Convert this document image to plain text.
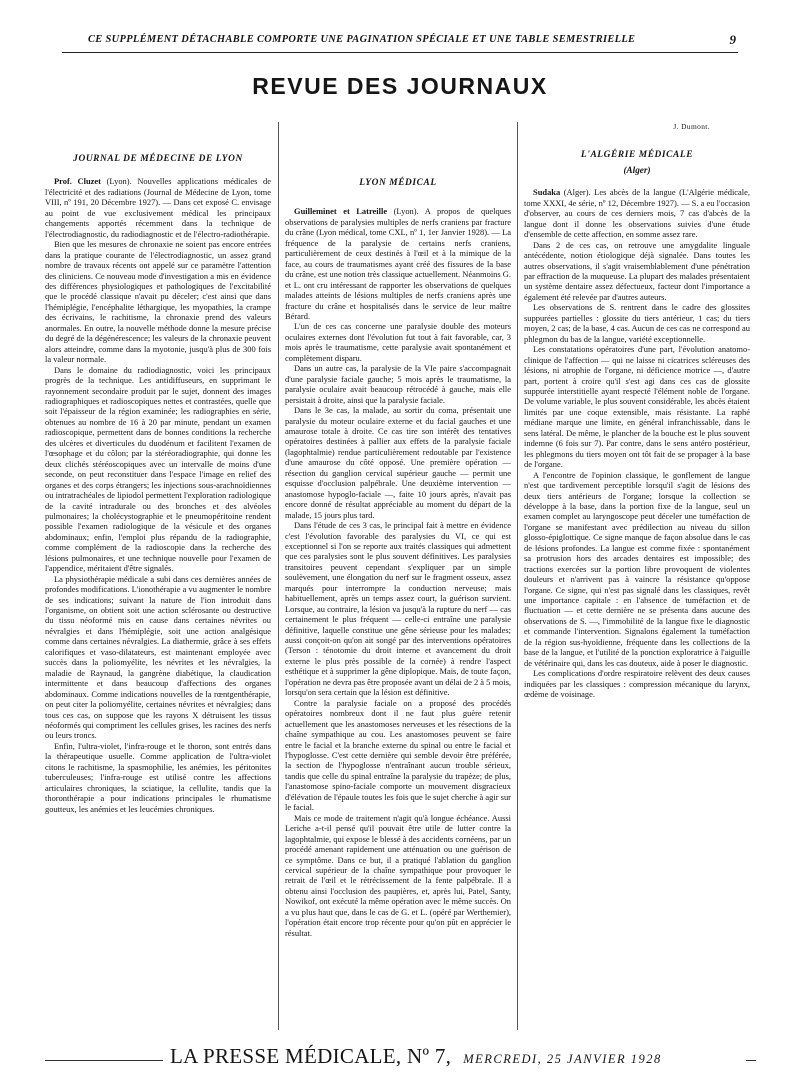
CE SUPPLÉMENT DÉTACHABLE COMPORTE UNE PAGINATION SPÉCIALE ET UNE TABLE SEMESTRIELLE	9
REVUE DES JOURNAUX
JOURNAL DE MÉDECINE DE LYON

Prof. Cluzet (Lyon). Nouvelles applications médicales de l'électricité et des radiations (Journal de Médecine de Lyon, tome VIII, nº 191, 20 Décembre 1927). — Dans cet exposé C. envisage au point de vue exclusivement médical les principaux changements apportés récemment dans la technique de l'électrodiagnostic, du radiodiagnostic et de l'électro-radiothérapie.

Bien que les mesures de chronaxie ne soient pas encore entrées dans la pratique courante de l'électrodiagnostic, un assez grand nombre de travaux récents ont appelé sur ce paramètre l'attention des cliniciens. Ce nouveau mode d'investigation a mis en évidence des différences physiologiques et pathologiques de l'excitabilité que le procédé classique n'avait pu déceler; c'est ainsi que dans l'hémiplégie, l'encéphalite léthargique, les myopathies, la crampe des écrivains, le rachitisme, la chronaxie prend des valeurs anormales. En outre, la nouvelle méthode donne la mesure précise du degré de la dégénérescence; les valeurs de la chronaxie peuvent alors atteindre, comme dans la myotonie, jusqu'à plus de 300 fois la valeur normale.

Dans le domaine du radiodiagnostic, voici les principaux progrès de la technique. Les antidiffuseurs, en supprimant le rayonnement secondaire produit par le sujet, donnent des images radiographiques et radioscopiques nettes et contrastées, quelle que soit l'épaisseur de la région examinée; les radiographies en série, obtenues au nombre de 16 à 20 par minute, pendant un examen radioscopique, permettent dans de bonnes conditions la recherche des ulcères et diverticules du duodénum et facilitent l'examen de l'œsophage et du côlon; par la stéréoradiographie, qui donne les deux clichés stéréoscopiques avec un intervalle de moins d'une seconde, on peut reconstituer dans l'espace l'image en relief des organes et des corps étrangers; les injections sous-arachnoïdiennes ou intratrachéales de lipiodol permettent l'exploration radiologique de la cavité intradurale ou des bronches et des alvéoles pulmonaires; la cholécystographie et le pneumopéritoine rendent possible l'examen radiologique de la vésicule et des organes abdominaux; enfin, l'emploi plus répandu de la radiographie, comme complément de la radioscopie dans la recherche des lésions pulmonaires, et une technique nouvelle pour l'examen de l'appendice, méritaient d'être signalés.

La physiothérapie médicale a subi dans ces dernières années de profondes modifications. L'ionothérapie a vu augmenter le nombre de ses indications; suivant la nature de l'ion introduit dans l'organisme, on obtient soit une action sclérosante ou destructive du tissu néoformé mis en cause dans certaines névrites ou névralgies et dans l'hémiplégie, soit une action analgésique comme dans certaines névralgies. La diathermie, grâce à ses effets calorifiques et vaso-dilatateurs, est maintenant employée avec succès dans la poliomyélite, les névrites et les névralgies, la maladie de Raynaud, la gangrène diabétique, la claudication intermittente et dans beaucoup d'affections des organes abdominaux. Comme indications nouvelles de la rœntgenthérapie, on peut citer la poliomyélite, certaines névrites et névralgies; dans tous ces cas, on suppose que les rayons X détruisent les tissus néoformés qui compriment les cellules grises, les racines des nerfs ou leurs troncs.

Enfin, l'ultra-violet, l'infra-rouge et le thoron, sont entrés dans la thérapeutique usuelle. Comme application de l'ultra-violet citons le rachitisme, la spasmophilie, les anémies, les péritonites tuberculeuses; l'infra-rouge est utilisé contre les affections articulaires chroniques, la sciatique, la cellulite, tandis que la thoronthérapie a pour indications principales le rhumatisme goutteux, les anémies et les leucémies chroniques.

LYON MÉDICAL

Guilleminet et Latreille (Lyon). A propos de quelques observations de paralysies multiples de nerfs craniens par fracture du crâne (Lyon médical, tome CXL, nº 1, 1er Janvier 1928). — La fréquence de la paralysie de certains nerfs craniens, particulièrement de ceux destinés à l'œil et à la mimique de la face, au cours de traumatismes ayant créé des fissures de la base du crâne, est une notion très classique actuellement. Néanmoins G. et L. ont cru intéressant de rapporter les observations de quelques malades atteints de lésions multiples de nerfs craniens après une fracture du crâne et hospitalisés dans le service de leur maître Bérard.

L'un de ces cas concerne une paralysie double des moteurs oculaires externes dont l'évolution fut tout à fait favorable, car, 3 mois après le traumatisme, cette paralysie avait spontanément et complètement disparu.

Dans un autre cas, la paralysie de la VIe paire s'accompagnait d'une paralysie faciale gauche; 5 mois après le traumatisme, la paralysie oculaire avait beaucoup rétrocédé à gauche, mais elle persistait à droite, ainsi que la paralysie faciale.

Dans le 3e cas, la malade, au sortir du coma, présentait une paralysie du moteur oculaire externe et du facial gauches et une amaurose totale à droite. Ce cas tire son intérêt des tentatives opératoires destinées à pallier aux effets de la paralysie faciale (lagophtalmie) rendue particulièrement redoutable par l'existence d'une amaurose du côté opposé. Une première opération — résection du ganglion cervical supérieur gauche — permit une esquisse d'occlusion palpébrale. Une deuxième intervention — anastomose hypoglo-faciale —, faite 10 jours après, n'avait pas encore donné de résultat appréciable au moment du départ de la malade, 15 jours plus tard.

Dans l'étude de ces 3 cas, le principal fait à mettre en évidence c'est l'évolution favorable des paralysies du VI, ce qui est exceptionnel si l'on se reporte aux traités classiques qui admettent que ces paralysies sont le plus souvent définitives. Les paralysies transitoires peuvent cependant s'expliquer par un simple soulèvement, une élongation du nerf sur le fragment osseux, assez marqués pour interrompre la conduction nerveuse; mais habituellement, après un temps assez court, la guérison survient. Lorsque, au contraire, la lésion va jusqu'à la rupture du nerf — cas certainement le plus fréquent — celle-ci entraîne une paralysie définitive, laquelle constitue une gêne sérieuse pour les malades; aussi conçoit-on qu'on ait songé par des interventions opératoires (Terson : ténotomie du droit interne et avancement du droit externe le plus près possible de la cornée) à rendre l'aspect esthétique et à supprimer la gêne diplopique. Mais, de toute façon, l'opération ne devra pas être proposée avant un délai de 2 à 5 mois, lorsqu'on sera certain que la lésion est définitive.

Contre la paralysie faciale on a proposé des procédés opératoires nombreux dont il ne faut plus guère retenir actuellement que les anastomoses nerveuses et les résections de la chaîne sympathique au cou. Les anastomoses peuvent se faire entre le facial et la branche externe du spinal ou entre le facial et l'hypoglosse. C'est cette dernière qui semble devoir être préférée, la section de l'hypoglosse n'entraînant aucun trouble sérieux, tandis que celle du spinal entraîne la paralysie du trapèze; de plus, l'anastomose spino-faciale comporte un mouvement disgracieux d'élévation de l'épaule toutes les fois que le sujet cherche à agir sur le facial.

Mais ce mode de traitement n'agit qu'à longue échéance. Aussi Leriche a-t-il pensé qu'il pouvait être utile de lutter contre la lagophtalmie, qui expose le blessé à des accidents cornéens, par un procédé amenant rapidement une atténuation ou une guérison de ce symptôme. Dans ce but, il a pratiqué l'ablation du ganglion cervical supérieur de la chaîne sympathique pour provoquer le retrait de l'œil et le rétrécissement de la fente palpébrale. Il a obtenu ainsi l'occlusion des paupières, et, après lui, Patel, Santy, Nowikof, ont exécuté la même opération avec le même succès. On a vu plus haut que, dans le cas de G. et L. (opéré par Werthemier), l'opération était encore trop récente pour qu'on pût en apprécier le résultat.

J. Dumont.

L'ALGÉRIE MÉDICALE
(Alger)

Sudaka (Alger). Les abcès de la langue (L'Algérie médicale, tome XXXI, 4e série, nº 12, Décembre 1927). — S. a eu l'occasion d'observer, au cours de ces derniers mois, 7 cas d'abcès de la langue dont il donne les observations suivies d'une étude d'ensemble de cette affection, en somme assez rare.

Dans 2 de ces cas, on retrouve une amygdalite linguale antécédente, notion étiologique déjà signalée. Dans toutes les autres observations, il s'agit vraisemblablement d'une pénétration par effraction de la muqueuse. La plupart des malades présentaient un système dentaire assez défectueux, facteur dont l'importance a également été relevée par d'autres auteurs.

Les observations de S. rentrent dans le cadre des glossites suppurées partielles : glossite du tiers antérieur, 1 cas; du tiers moyen, 2 cas; de la base, 4 cas. Aucun de ces cas ne correspond au phlegmon du bas de la langue, variété exceptionnelle.

Les constatations opératoires d'une part, l'évolution anatomo-clinique de l'affection — qui ne laisse ni cicatrices scléreuses des lésions, ni atrophie de l'organe, ni déficience motrice —, d'autre part, portent à croire qu'il s'est agi dans ces cas de glossite suppurée interstitielle ayant respecté l'élément noble de l'organe. De volume variable, le plus souvent considérable, les abcès étaient limités par une coque extensible, mais résistante. La raphé médiane marque une limite, en général infranchissable, dans le sens latéral. De même, le plancher de la bouche est le plus souvent indemne (6 fois sur 7). Par contre, dans le sens antéro postérieur, les phlegmons du tiers moyen ont tôt fait de se propager à la base de l'organe.

A l'encontre de l'opinion classique, le gonflement de langue n'est que tardivement perceptible lorsqu'il s'agit de lésions des deux tiers antérieurs de l'organe; lorsque la collection se développe à la base, dans la portion fixe de la langue, seul un examen complet au laryngoscope peut déceler une tuméfaction de l'organe se manifestant avec prédilection au niveau du sillon glosso-épiglottique. Ce signe manque de façon absolue dans le cas de lésions profondes. La langue est comme fixée : spontanément sa protrusion hors des arcades dentaires est impossible; des tractions exercées sur la portion libre provoquent de violentes douleurs et n'arrivent pas à vaincre la résistance qu'oppose l'organe. Ce signe, qui n'est pas signalé dans les classiques, revêt une importance capitale : en l'absence de tuméfaction et de fluctuation — et cette dernière ne se présenta dans aucune des observations de S. —, l'immobilité de la langue fixe le diagnostic et commande l'intervention. Signalons également la tuméfaction de la région sus-hyoïdienne, fréquente dans les collections de la base de la langue, et l'utilité de la ponction exploratrice à l'aiguille de vétérinaire qui, dans les cas douteux, aide à poser le diagnostic.

Les complications d'ordre respiratoire relèvent des deux causes indiquées par les classiques : compression mécanique du larynx, œdème de voisinage.

LA PRESSE MÉDICALE, Nº 7, MERCREDI, 25 JANVIER 1928
